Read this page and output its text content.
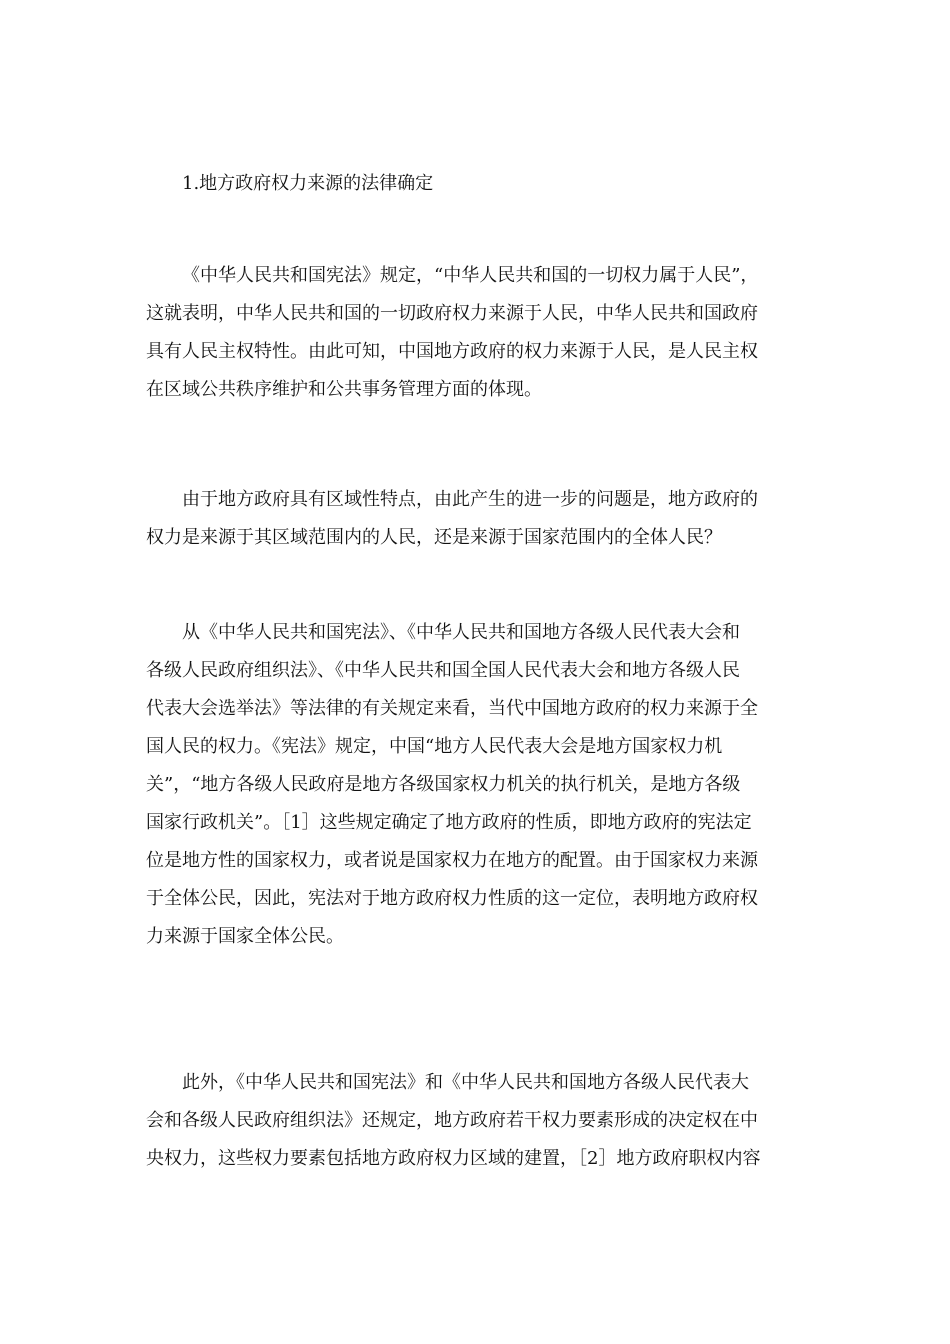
1.地方政府权力来源的法律确定
《中华人民共和国宪法》规定，“中华人民共和国的一切权力属于人民”，
这就表明，中华人民共和国的一切政府权力来源于人民，中华人民共和国政府
具有人民主权特性。由此可知，中国地方政府的权力来源于人民，是人民主权
在区域公共秩序维护和公共事务管理方面的体现。
由于地方政府具有区域性特点，由此产生的进一步的问题是，地方政府的
权力是来源于其区域范围内的人民，还是来源于国家范围内的全体人民？
从《中华人民共和国宪法》、《中华人民共和国地方各级人民代表大会和
各级人民政府组织法》、《中华人民共和国全国人民代表大会和地方各级人民
代表大会选举法》等法律的有关规定来看，当代中国地方政府的权力来源于全
国人民的权力。《宪法》规定，中国“地方人民代表大会是地方国家权力机
关”，“地方各级人民政府是地方各级国家权力机关的执行机关，是地方各级
国家行政机关”。［1］这些规定确定了地方政府的性质，即地方政府的宪法定
位是地方性的国家权力，或者说是国家权力在地方的配置。由于国家权力来源
于全体公民，因此，宪法对于地方政府权力性质的这一定位，表明地方政府权
力来源于国家全体公民。
此外，《中华人民共和国宪法》和《中华人民共和国地方各级人民代表大
会和各级人民政府组织法》还规定，地方政府若干权力要素形成的决定权在中
央权力，这些权力要素包括地方政府权力区域的建置，［2］地方政府职权内容
